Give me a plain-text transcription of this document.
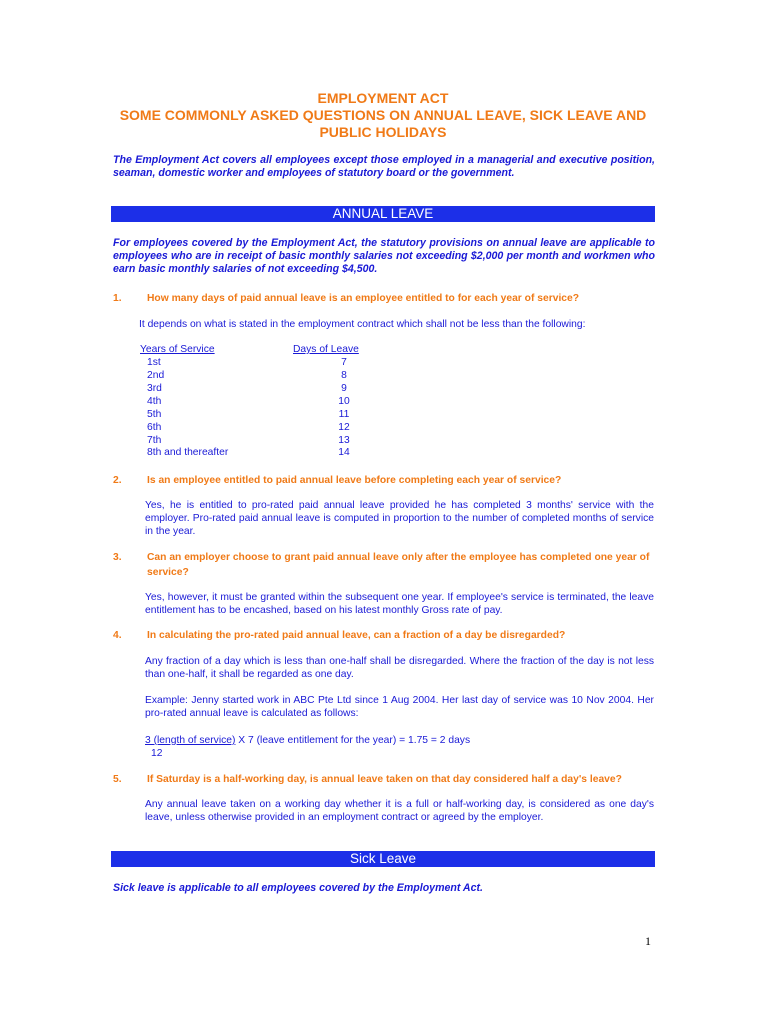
EMPLOYMENT ACT
SOME COMMONLY ASKED QUESTIONS ON ANNUAL LEAVE, SICK LEAVE AND
PUBLIC HOLIDAYS
The Employment Act covers all employees except those employed in a managerial and executive position, seaman, domestic worker and employees of statutory board or the government.
ANNUAL LEAVE
For employees covered by the Employment Act, the statutory provisions on annual leave are applicable to employees who are in receipt of basic monthly salaries not exceeding $2,000 per month and workmen who earn basic monthly salaries of not exceeding $4,500.
1. How many days of paid annual leave is an employee entitled to for each year of service?
It depends on what is stated in the employment contract which shall not be less than the following:
Years of Service	Days of Leave
1st	7
2nd	8
3rd	9
4th	10
5th	11
6th	12
7th	13
8th and thereafter	14
2. Is an employee entitled to paid annual leave before completing each year of service?
Yes, he is entitled to pro-rated paid annual leave provided he has completed 3 months' service with the employer. Pro-rated paid annual leave is computed in proportion to the number of completed months of service in the year.
3. Can an employer choose to grant paid annual leave only after the employee has completed one year of service?
Yes, however, it must be granted within the subsequent one year. If employee's service is terminated, the leave entitlement has to be encashed, based on his latest monthly Gross rate of pay.
4. In calculating the pro-rated paid annual leave, can a fraction of a day be disregarded?
Any fraction of a day which is less than one-half shall be disregarded. Where the fraction of the day is not less than one-half, it shall be regarded as one day.
Example: Jenny started work in ABC Pte Ltd since 1 Aug 2004. Her last day of service was 10 Nov 2004. Her pro-rated annual leave is calculated as follows:
3 (length of service) X 7 (leave entitlement for the year) = 1.75 = 2 days
12
5. If Saturday is a half-working day, is annual leave taken on that day considered half a day's leave?
Any annual leave taken on a working day whether it is a full or half-working day, is considered as one day's leave, unless otherwise provided in an employment contract or agreed by the employer.
Sick Leave
Sick leave is applicable to all employees covered by the Employment Act.
1
